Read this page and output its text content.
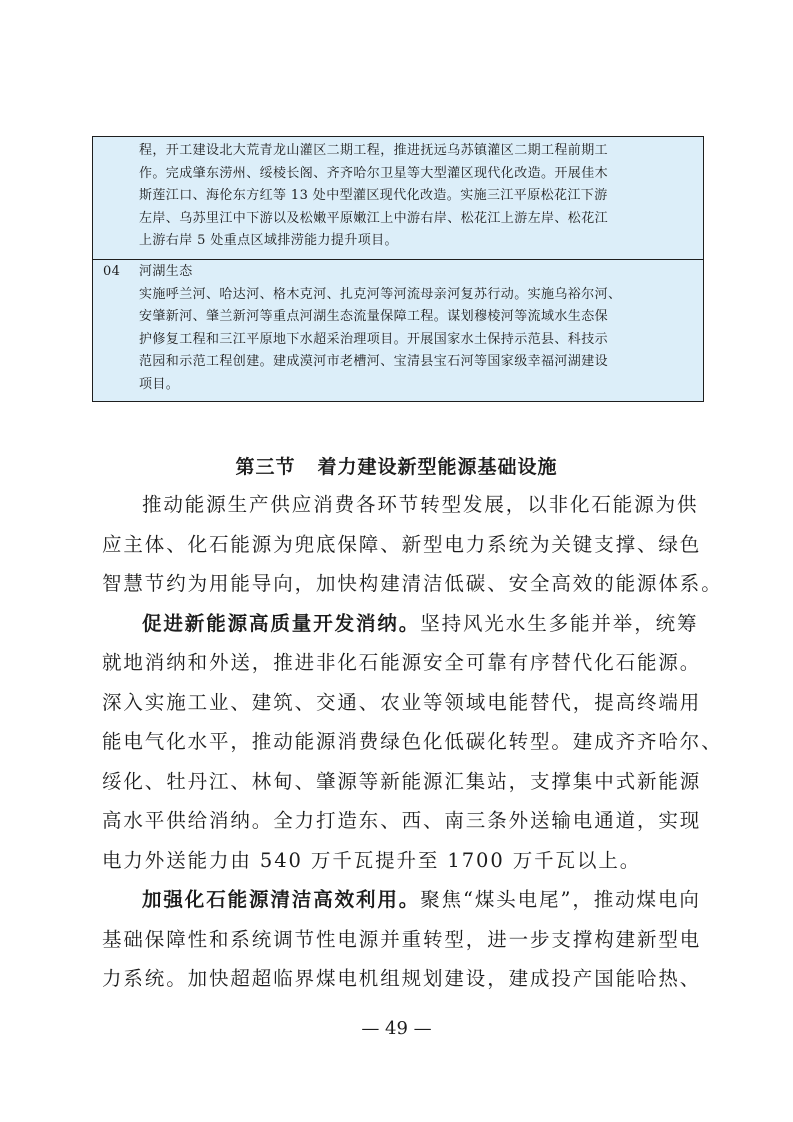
程，开工建设北大荒青龙山灌区二期工程，推进抚远乌苏镇灌区二期工程前期工
作。完成肇东涝州、绥棱长阁、齐齐哈尔卫星等大型灌区现代化改造。开展佳木
斯莲江口、海伦东方红等 13 处中型灌区现代化改造。实施三江平原松花江下游
左岸、乌苏里江中下游以及松嫩平原嫩江上中游右岸、松花江上游左岸、松花江
上游右岸 5 处重点区域排涝能力提升项目。
04	河湖生态
实施呼兰河、哈达河、格木克河、扎克河等河流母亲河复苏行动。实施乌裕尔河、
安肇新河、肇兰新河等重点河湖生态流量保障工程。谋划穆棱河等流域水生态保
护修复工程和三江平原地下水超采治理项目。开展国家水土保持示范县、科技示
范园和示范工程创建。建成漠河市老槽河、宝清县宝石河等国家级幸福河湖建设
项目。
第三节 着力建设新型能源基础设施
推动能源生产供应消费各环节转型发展，以非化石能源为供
应主体、化石能源为兜底保障、新型电力系统为关键支撑、绿色
智慧节约为用能导向，加快构建清洁低碳、安全高效的能源体系。
促进新能源高质量开发消纳。坚持风光水生多能并举，统筹
就地消纳和外送，推进非化石能源安全可靠有序替代化石能源。
深入实施工业、建筑、交通、农业等领域电能替代，提高终端用
能电气化水平，推动能源消费绿色化低碳化转型。建成齐齐哈尔、
绥化、牡丹江、林甸、肇源等新能源汇集站，支撑集中式新能源
高水平供给消纳。全力打造东、西、南三条外送输电通道，实现
电力外送能力由 540 万千瓦提升至 1700 万千瓦以上。
加强化石能源清洁高效利用。聚焦“煤头电尾”，推动煤电向
基础保障性和系统调节性电源并重转型，进一步支撑构建新型电
力系统。加快超超临界煤电机组规划建设，建成投产国能哈热、
— 49 —
